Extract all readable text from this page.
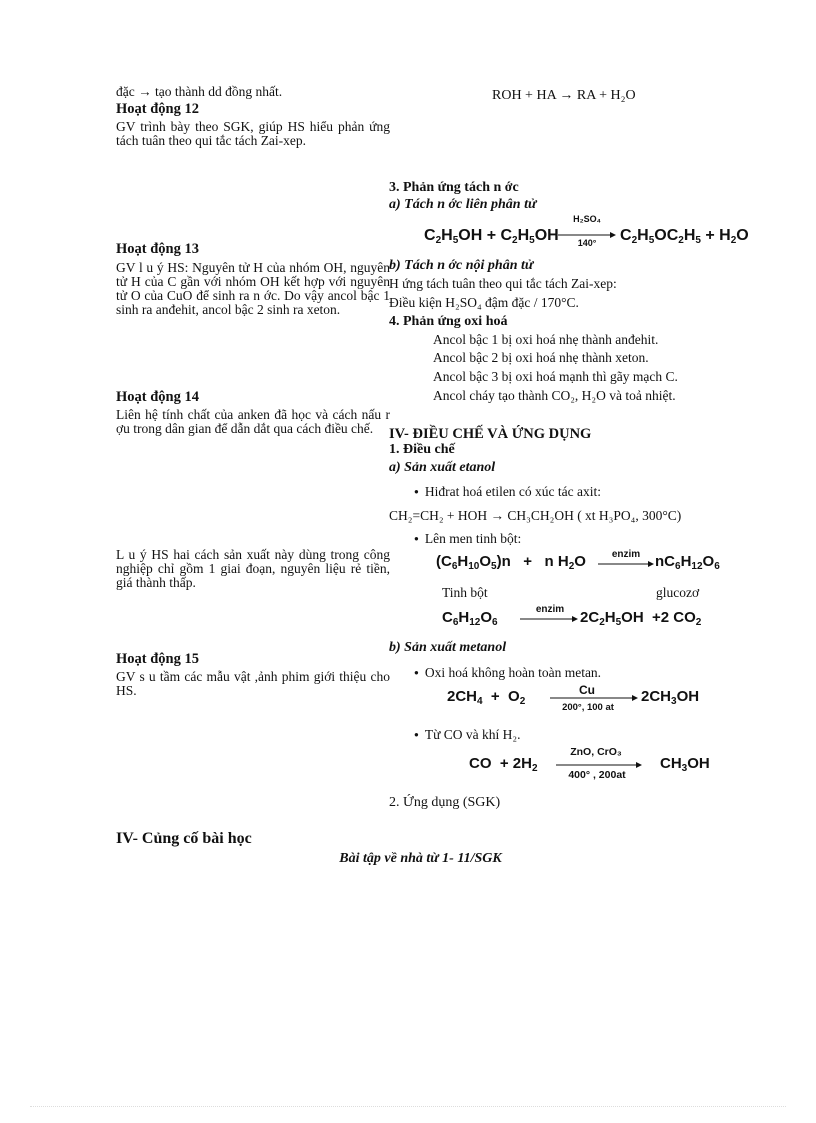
đặc → tạo thành dd đồng nhất.
Hoạt động 12
GV trình bày theo SGK, giúp HS hiểu phản ứng tách tuân theo qui tắc tách Zai-xep.
Hoạt động 13
GV l u ý HS: Nguyên tử H của nhóm OH, nguyên tử H của C gần với nhóm OH kết hợp với nguyên tử O của CuO để sinh ra n ớc. Do vậy ancol bậc 1 sinh ra anđehit, ancol bậc 2 sinh ra xeton.
Hoạt động 14
Liên hệ tính chất của anken đã học và cách nấu r ợu trong dân gian để dẫn dắt qua cách điều chế.
L u ý HS hai cách sản xuất này dùng trong công nghiệp chỉ gồm 1 giai đoạn, nguyên liệu rẻ tiền, giá thành thấp.
Hoạt động 15
GV s u tầm các mẫu vật ,ảnh phim giới thiệu cho HS.
IV- Củng cố bài học
ROH + HA → RA + H₂O
3. Phản ứng tách n ớc
a) Tách n ớc liên phân tử
$C_2H_5OH + C_2H_5OH$
H₂SO₄
140°	$C_2H_5OC_2H_5 + H_2O$
b) Tách n ớc nội phân tử
H ứng tách tuân theo qui tắc tách Zai-xep:
Điều kiện H₂SO₄ đậm đặc / 170°C.
4. Phản ứng oxi hoá
Ancol bậc 1 bị oxi hoá nhẹ thành anđehit.
Ancol bậc 2 bị oxi hoá nhẹ thành xeton.
Ancol bậc 3 bị oxi hoá mạnh thì gãy mạch C.
Ancol cháy tạo thành CO₂, H₂O và toả nhiệt.
IV- ĐIỀU CHẾ VÀ ỨNG DỤNG
1. Điều chế
a) Sản xuất etanol
● Hiđrat hoá etilen có xúc tác axit:
CH₂=CH₂ + HOH → CH₃CH₂OH ( xt H₃PO₄, 300°C)
● Lên men tinh bột:
$(C_6H_{10}O_5)n + n$ $H_2O$	enzim $nC_6H_{12}O_6$
Tinh bột	glucozơ
$C_6H_{12}O_6$
enzim	$2C_2H_5OH +2$ $CO_2$
b) Sản xuất metanol
● Oxi hoá không hoàn toàn metan.
$2CH_4 + O_2$
Cu
200°, 100 at
$2CH_3OH$
● Từ CO và khí H₂.
CO  + $2H_2$
ZnO, CrO₃
400° , 200at
$CH_3OH$
2. Ứng dụng (SGK)
Bài tập về nhà từ 1- 11/SGK
